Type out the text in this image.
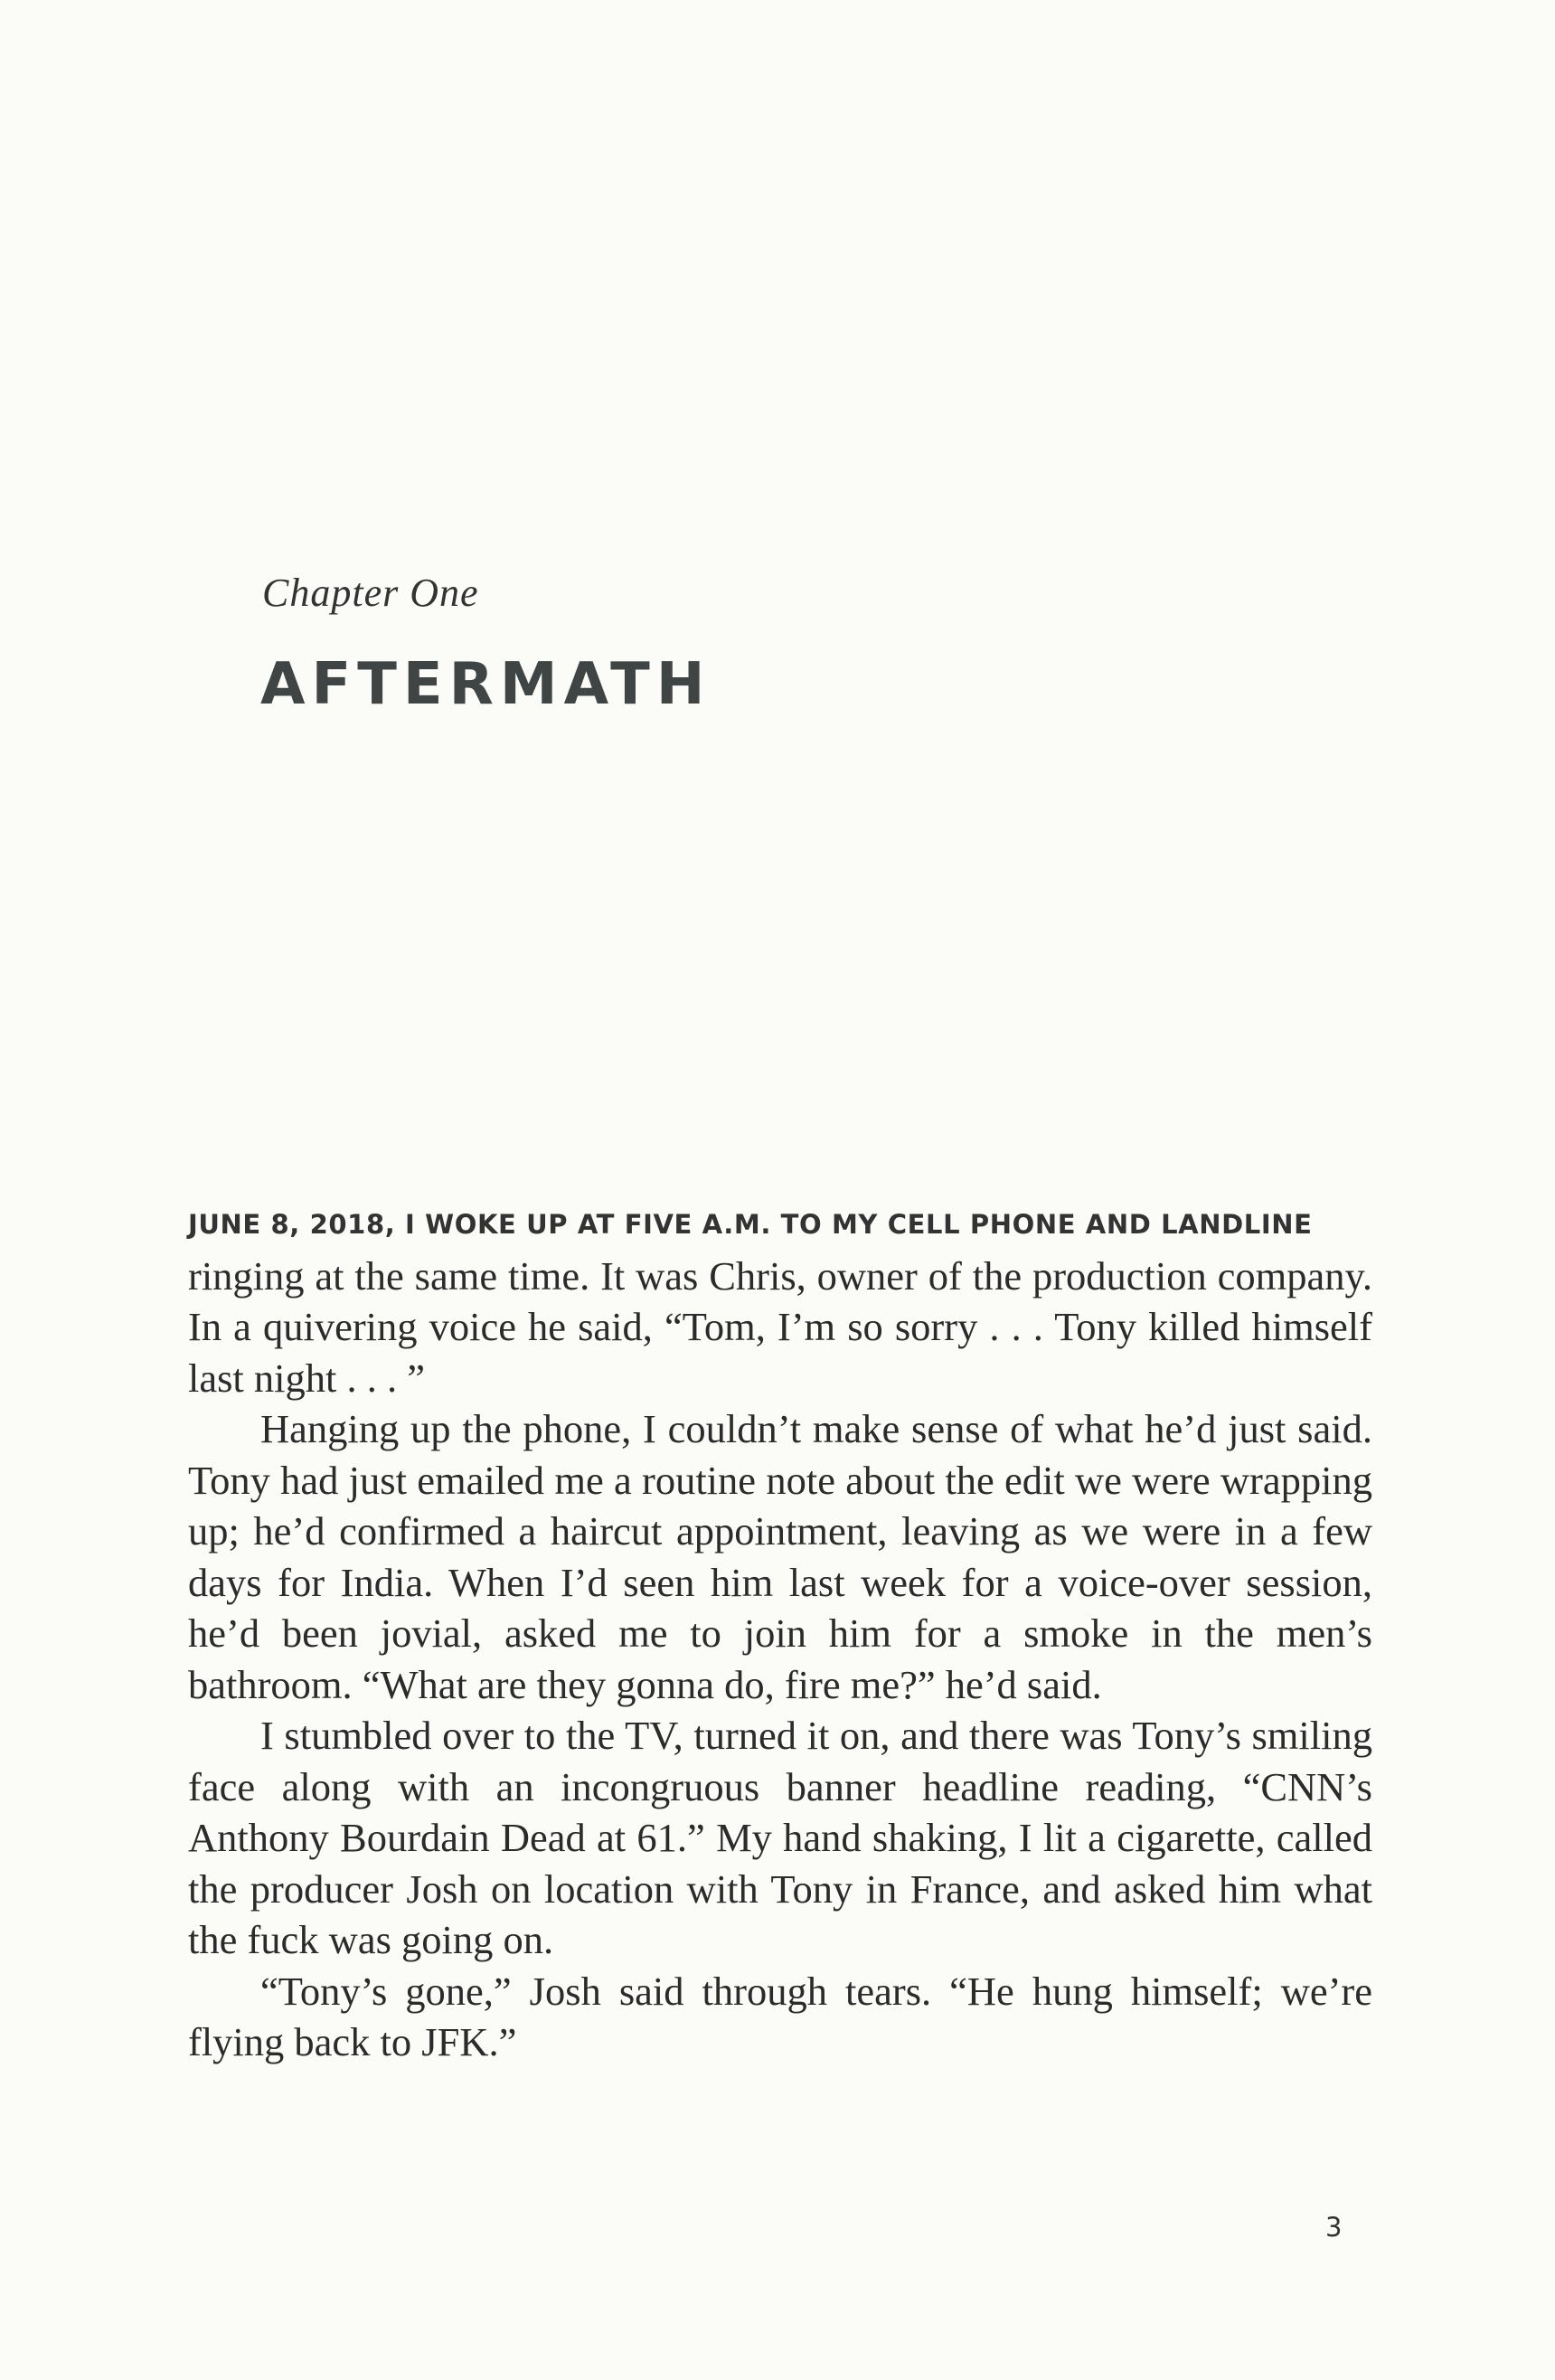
Chapter One
AFTERMATH

JUNE 8, 2018, I WOKE UP AT FIVE A.M. TO MY CELL PHONE AND LANDLINE
ringing at the same time. It was Chris, owner of the production company. In a quivering voice he said, “Tom, I’m so sorry . . . Tony killed himself last night . . . ”

Hanging up the phone, I couldn’t make sense of what he’d just said. Tony had just emailed me a routine note about the edit we were wrapping up; he’d confirmed a haircut appointment, leaving as we were in a few days for India. When I’d seen him last week for a voice-over session, he’d been jovial, asked me to join him for a smoke in the men’s bathroom. “What are they gonna do, fire me?” he’d said.

I stumbled over to the TV, turned it on, and there was Tony’s smiling face along with an incongruous banner headline reading, “CNN’s Anthony Bourdain Dead at 61.” My hand shaking, I lit a cigarette, called the producer Josh on location with Tony in France, and asked him what the fuck was going on.

“Tony’s gone,” Josh said through tears. “He hung himself; we’re flying back to JFK.”

3
